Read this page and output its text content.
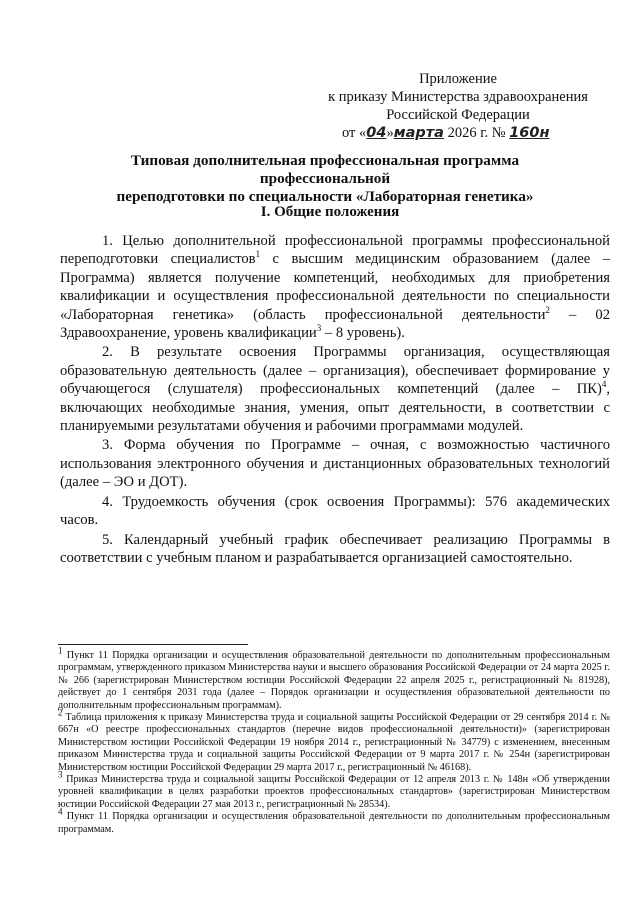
Приложение
к приказу Министерства здравоохранения
Российской Федерации
от «04»марта 2026 г. № 160н
Типовая дополнительная профессиональная программа профессиональной
переподготовки по специальности «Лабораторная генетика»
I. Общие положения

1. Целью дополнительной профессиональной программы профессиональной переподготовки специалистов$^1$ с высшим медицинским образованием (далее – Программа) является получение компетенций, необходимых для приобретения квалификации и осуществления профессиональной деятельности по специальности «Лабораторная генетика» (область профессиональной деятельности$^2$ – 02 Здравоохранение, уровень квалификации$^3$ – 8 уровень).

2. В результате освоения Программы организация, осуществляющая образовательную деятельность (далее – организация), обеспечивает формирование у обучающегося (слушателя) профессиональных компетенций (далее – ПК)$^4$, включающих необходимые знания, умения, опыт деятельности, в соответствии с планируемыми результатами обучения и рабочими программами модулей.

3. Форма обучения по Программе – очная, с возможностью частичного использования электронного обучения и дистанционных образовательных технологий (далее – ЭО и ДОТ).

4. Трудоемкость обучения (срок освоения Программы): 576 академических часов.

5. Календарный учебный график обеспечивает реализацию Программы в соответствии с учебным планом и разрабатывается организацией самостоятельно.

$^1$ Пункт 11 Порядка организации и осуществления образовательной деятельности по дополнительным профессиональным программам, утвержденного приказом Министерства науки и высшего образования Российской Федерации от 24 марта 2025 г. № 266 (зарегистрирован Министерством юстиции Российской Федерации 22 апреля 2025 г., регистрационный № 81928), действует до 1 сентября 2031 года (далее – Порядок организации и осуществления образовательной деятельности по дополнительным профессиональным программам).

$^2$ Таблица приложения к приказу Министерства труда и социальной защиты Российской Федерации от 29 сентября 2014 г. № 667н «О реестре профессиональных стандартов (перечне видов профессиональной деятельности)» (зарегистрирован Министерством юстиции Российской Федерации 19 ноября 2014 г., регистрационный № 34779) с изменением, внесенным приказом Министерства труда и социальной защиты Российской Федерации от 9 марта 2017 г. № 254н (зарегистрирован Министерством юстиции Российской Федерации 29 марта 2017 г., регистрационный № 46168).

$^3$ Приказ Министерства труда и социальной защиты Российской Федерации от 12 апреля 2013 г. № 148н «Об утверждении уровней квалификации в целях разработки проектов профессиональных стандартов» (зарегистрирован Министерством юстиции Российской Федерации 27 мая 2013 г., регистрационный № 28534).

$^4$ Пункт 11 Порядка организации и осуществления образовательной деятельности по дополнительным профессиональным программам.
